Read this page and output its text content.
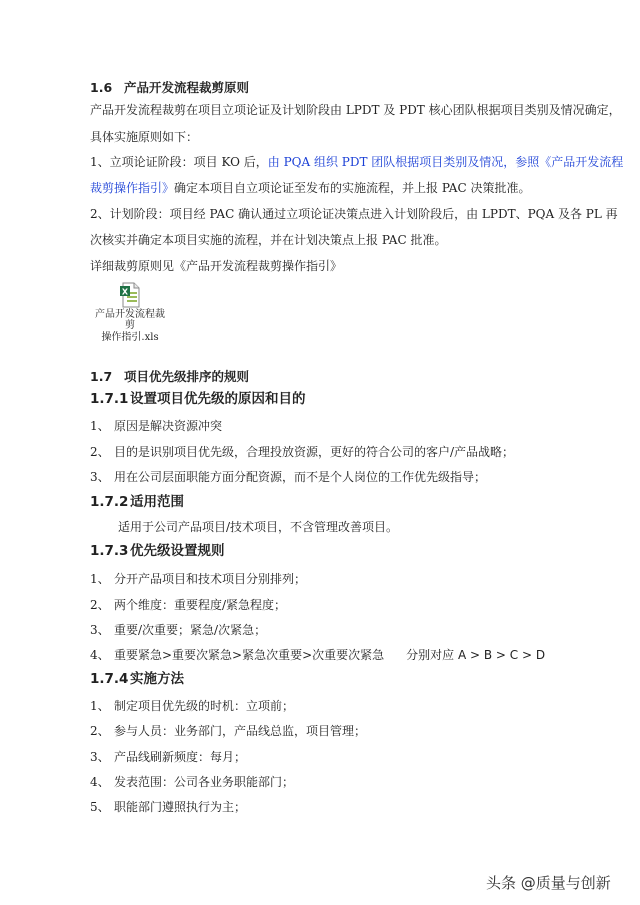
1.6 产品开发流程裁剪原则
产品开发流程裁剪在项目立项论证及计划阶段由 LPDT 及 PDT 核心团队根据项目类别及情况确定，
具体实施原则如下：
1、立项论证阶段：项目 KO 后，由 PQA 组织 PDT 团队根据项目类别及情况，参照《产品开发流程
裁剪操作指引》确定本项目自立项论证至发布的实施流程，并上报 PAC 决策批准。
2、计划阶段：项目经 PAC 确认通过立项论证决策点进入计划阶段后，由 LPDT、PQA 及各 PL 再
次核实并确定本项目实施的流程，并在计划决策点上报 PAC 批准。
详细裁剪原则见《产品开发流程裁剪操作指引》
X
产品开发流程裁剪
操作指引.xls
1.7 项目优先级排序的规则
1.7.1 设置项目优先级的原因和目的
1、 原因是解决资源冲突
2、 目的是识别项目优先级，合理投放资源，更好的符合公司的客户/产品战略；
3、 用在公司层面职能方面分配资源，而不是个人岗位的工作优先级指导；
1.7.2 适用范围
适用于公司产品项目/技术项目，不含管理改善项目。
1.7.3 优先级设置规则
1、 分开产品项目和技术项目分别排列；
2、 两个维度：重要程度/紧急程度；
3、 重要/次重要；紧急/次紧急；
4、 重要紧急>重要次紧急>紧急次重要>次重要次紧急 分别对应 A > B > C > D
1.7.4 实施方法
1、 制定项目优先级的时机：立项前；
2、 参与人员：业务部门，产品线总监，项目管理；
3、 产品线刷新频度：每月；
4、 发表范围：公司各业务职能部门；
5、 职能部门遵照执行为主；
头条 @质量与创新
